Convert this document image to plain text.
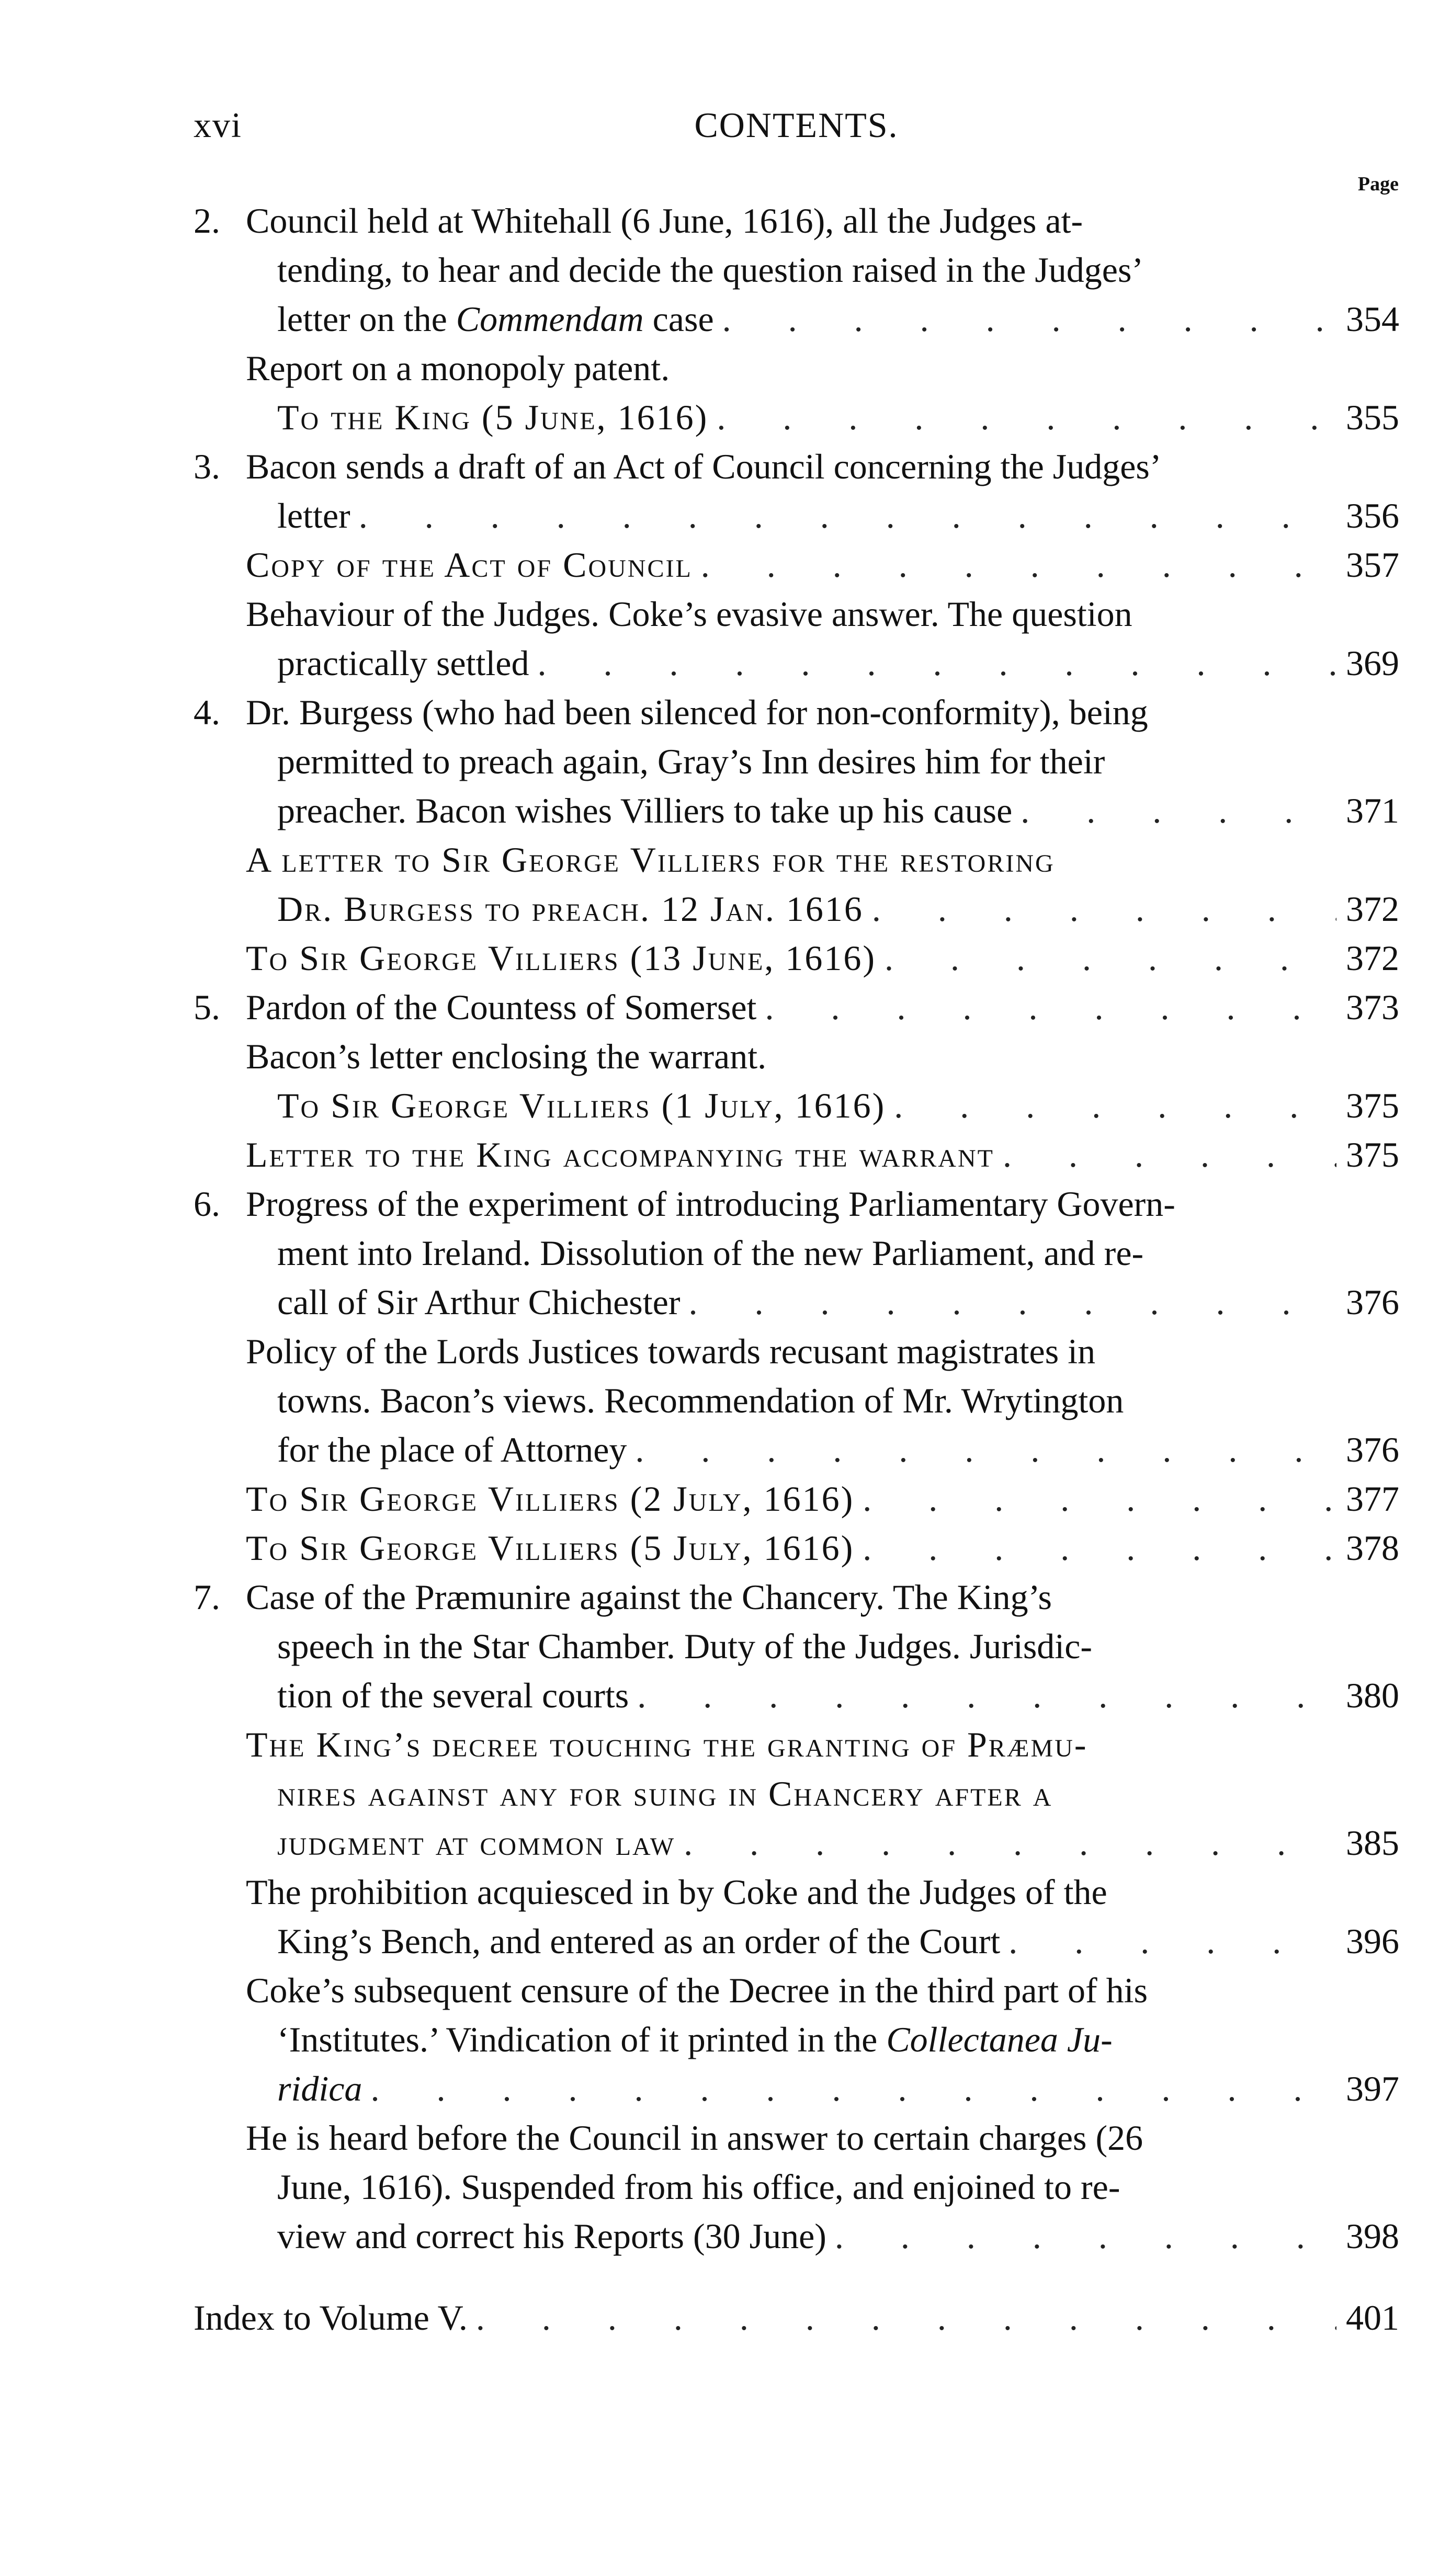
xvi	CONTENTS.
Page
2. Council held at Whitehall (6 June, 1616), all the Judges at-
tending, to hear and decide the question raised in the Judges’
letter on the Commendam case . . .	354
Report on a monopoly patent.
To the King (5 June, 1616) . . .	355
3. Bacon sends a draft of an Act of Council concerning the Judges’
letter . . .	356
Copy of the Act of Council . . .	357
Behaviour of the Judges. Coke’s evasive answer. The question
practically settled . . .	369
4. Dr. Burgess (who had been silenced for non-conformity), being
permitted to preach again, Gray’s Inn desires him for their
preacher. Bacon wishes Villiers to take up his cause . . .	371
A letter to Sir George Villiers for the restoring
Dr. Burgess to preach. 12 Jan. 1616 . . .	372
To Sir George Villiers (13 June, 1616) . . .	372
5. Pardon of the Countess of Somerset . . .	373
Bacon’s letter enclosing the warrant.
To Sir George Villiers (1 July, 1616) . . .	375
Letter to the King accompanying the warrant . . .	375
6. Progress of the experiment of introducing Parliamentary Govern-
ment into Ireland. Dissolution of the new Parliament, and re-
call of Sir Arthur Chichester . . .	376
Policy of the Lords Justices towards recusant magistrates in
towns. Bacon’s views. Recommendation of Mr. Wrytington
for the place of Attorney . . .	376
To Sir George Villiers (2 July, 1616) . . .	377
To Sir George Villiers (5 July, 1616) . . .	378
7. Case of the Præmunire against the Chancery. The King’s
speech in the Star Chamber. Duty of the Judges. Jurisdic-
tion of the several courts . . .	380
The King’s decree touching the granting of Præmu-
nires against any for suing in Chancery after a
judgment at common law . . .	385
The prohibition acquiesced in by Coke and the Judges of the
King’s Bench, and entered as an order of the Court . . .	396
Coke’s subsequent censure of the Decree in the third part of his
‘Institutes.’ Vindication of it printed in the Collectanea Ju-
ridica . . .	397
He is heard before the Council in answer to certain charges (26
June, 1616). Suspended from his office, and enjoined to re-
view and correct his Reports (30 June) . . .	398
Index to Volume V. . . .	401
